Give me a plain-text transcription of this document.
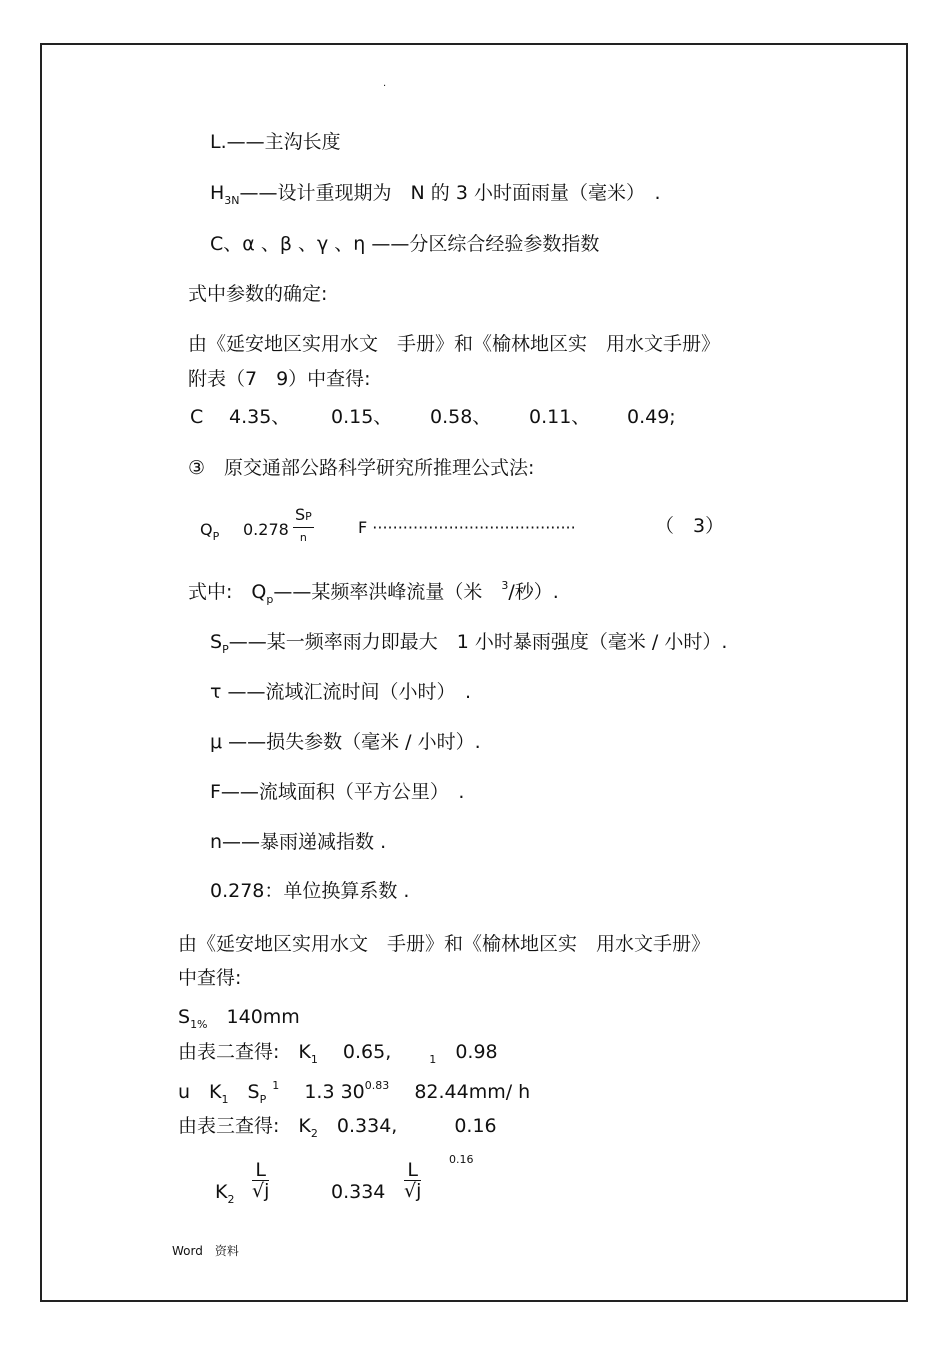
.
L.——主沟长度
$H_{3N}——$设计重现期为　N 的 3 小时面雨量（毫米）　.
C、α 、β 、γ 、η ——分区综合经验参数指数
式中参数的确定:
由《延安地区实用水文　手册》和《榆林地区实　用水文手册》
附表（7　9）中查得:
C 4.35、 0.15、 0.58、 0.11、 0.49;
③　原交通部公路科学研究所推理公式法:
$Q_P$ $0.278 \frac{SP}{n}$	F ········································	（　3）
式中:　$Q_p——$某频率洪峰流量（米　 $^3$/秒）.
$S_P——$某一频率雨力即最大　1 小时暴雨强度（毫米 / 小时）.
τ ——流域汇流时间（小时）　.
μ ——损失参数（毫米 / 小时）.
F——流域面积（平方公里）　.
n——暴雨递减指数 .
0.278：单位换算系数 .
由《延安地区实用水文　手册》和《榆林地区实　用水文手册》
中查得:
$S_{1\%}$　 140mm
由表二查得:　$K_1$　 0.65,　　	$_1$　 0.98
u　$K_1$　 $S_P$ $^1$　 1.3 $30^{0.83}$　 82.44mm/ h
由表三查得:　$K_2$　 0.334,　　　	0.16
0.16
$K_2 \frac{L}{√j}$	$0.334 \frac{L}{√j}$
Word　 资料
